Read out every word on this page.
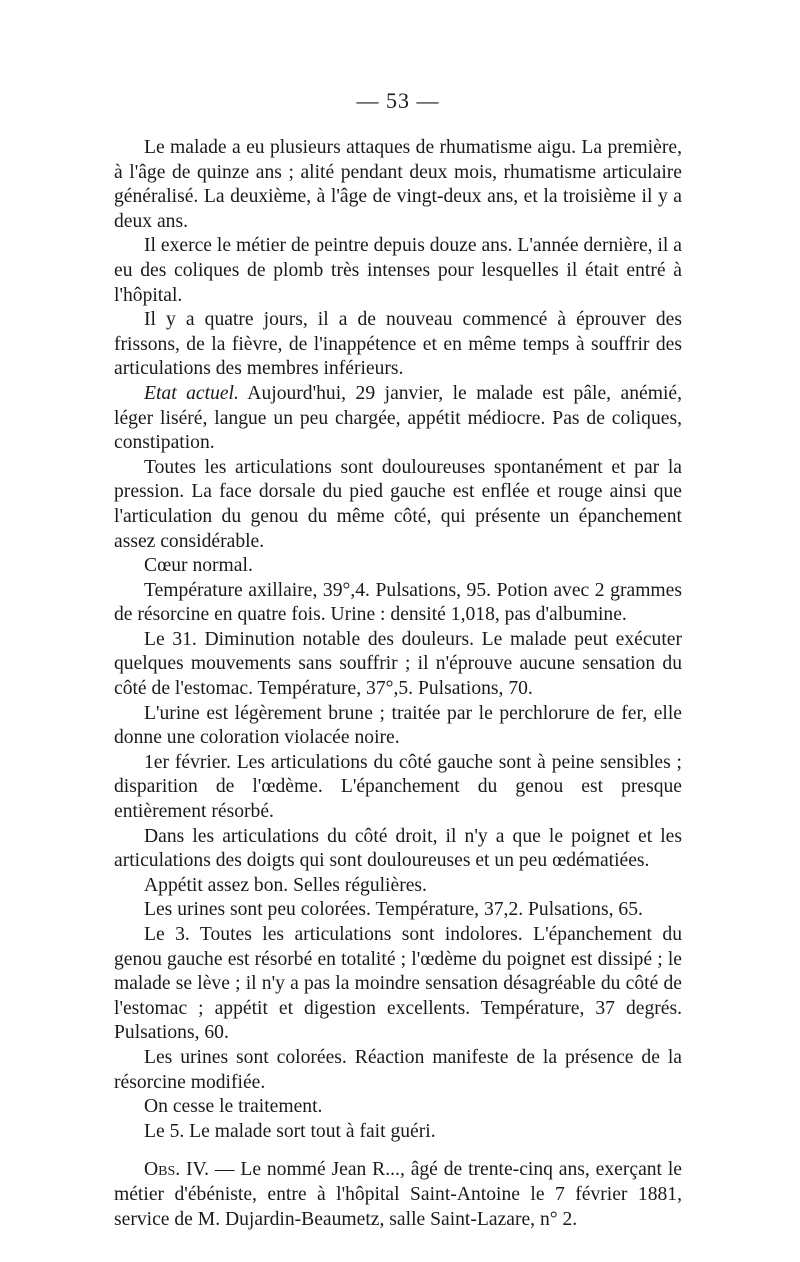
— 53 —

Le malade a eu plusieurs attaques de rhumatisme aigu. La première, à l'âge de quinze ans ; alité pendant deux mois, rhumatisme articulaire généralisé. La deuxième, à l'âge de vingt-deux ans, et la troisième il y a deux ans.

Il exerce le métier de peintre depuis douze ans. L'année dernière, il a eu des coliques de plomb très intenses pour lesquelles il était entré à l'hôpital.

Il y a quatre jours, il a de nouveau commencé à éprouver des frissons, de la fièvre, de l'inappétence et en même temps à souffrir des articulations des membres inférieurs.

Etat actuel. Aujourd'hui, 29 janvier, le malade est pâle, anémié, léger liséré, langue un peu chargée, appétit médiocre. Pas de coliques, constipation.

Toutes les articulations sont douloureuses spontanément et par la pression. La face dorsale du pied gauche est enflée et rouge ainsi que l'articulation du genou du même côté, qui présente un épanchement assez considérable.

Cœur normal.

Température axillaire, 39°,4. Pulsations, 95. Potion avec 2 grammes de résorcine en quatre fois. Urine : densité 1,018, pas d'albumine.

Le 31. Diminution notable des douleurs. Le malade peut exécuter quelques mouvements sans souffrir ; il n'éprouve aucune sensation du côté de l'estomac. Température, 37°,5. Pulsations, 70.

L'urine est légèrement brune ; traitée par le perchlorure de fer, elle donne une coloration violacée noire.

1er février. Les articulations du côté gauche sont à peine sensibles ; disparition de l'œdème. L'épanchement du genou est presque entièrement résorbé.

Dans les articulations du côté droit, il n'y a que le poignet et les articulations des doigts qui sont douloureuses et un peu œdématiées.

Appétit assez bon. Selles régulières.

Les urines sont peu colorées. Température, 37,2. Pulsations, 65.

Le 3. Toutes les articulations sont indolores. L'épanchement du genou gauche est résorbé en totalité ; l'œdème du poignet est dissipé ; le malade se lève ; il n'y a pas la moindre sensation désagréable du côté de l'estomac ; appétit et digestion excellents. Température, 37 degrés. Pulsations, 60.

Les urines sont colorées. Réaction manifeste de la présence de la résorcine modifiée.

On cesse le traitement.

Le 5. Le malade sort tout à fait guéri.

Obs. IV. — Le nommé Jean R..., âgé de trente-cinq ans, exerçant le métier d'ébéniste, entre à l'hôpital Saint-Antoine le 7 février 1881, service de M. Dujardin-Beaumetz, salle Saint-Lazare, n° 2.
